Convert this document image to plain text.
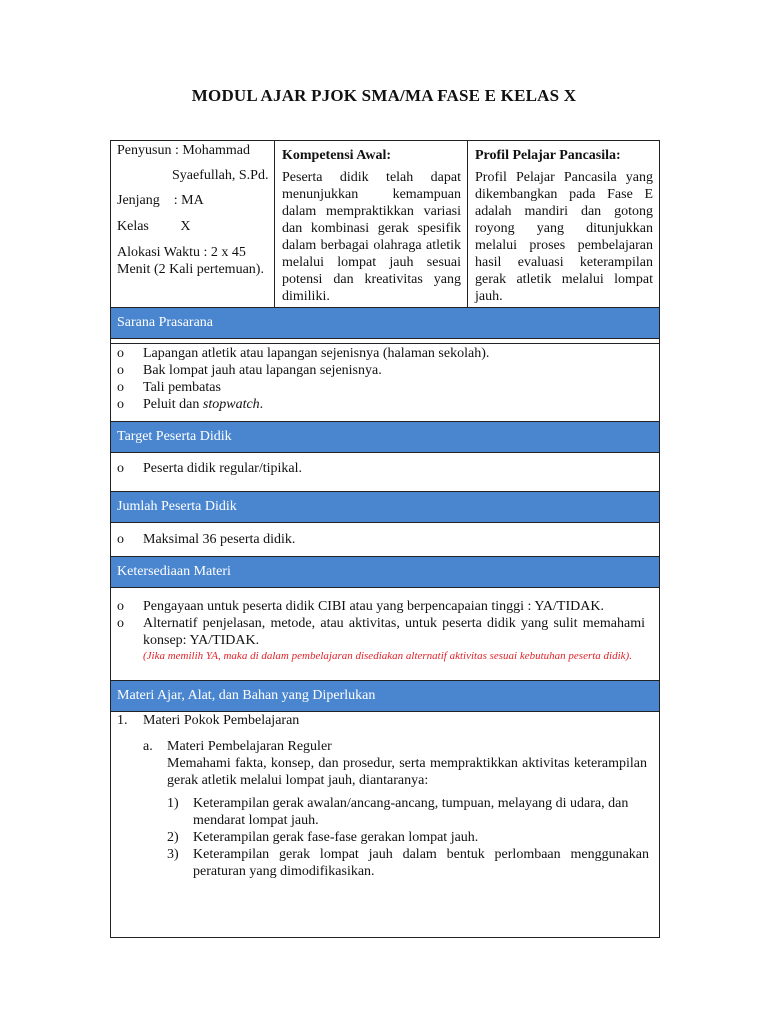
MODUL AJAR PJOK SMA/MA FASE E KELAS X
Penyusun : Mohammad
Syaefullah, S.Pd.
Jenjang    : MA
Kelas         X
Alokasi Waktu : 2 x 45 Menit (2 Kali pertemuan).
Kompetensi Awal:

Peserta didik telah dapat menunjukkan kemampuan dalam mempraktikkan variasi dan kombinasi gerak spesifik dalam berbagai olahraga atletik melalui lompat jauh sesuai potensi dan kreativitas yang dimiliki.

Profil Pelajar Pancasila:

Profil Pelajar Pancasila yang dikembangkan pada Fase E adalah mandiri dan gotong royong yang ditunjukkan melalui proses pembelajaran hasil evaluasi keterampilan gerak atletik melalui lompat jauh.

Sarana Prasarana
o Lapangan atletik atau lapangan sejenisnya (halaman sekolah).
o Bak lompat jauh atau lapangan sejenisnya.
o Tali pembatas
o Peluit dan stopwatch.
Target Peserta Didik
o Peserta didik regular/tipikal.
Jumlah Peserta Didik
o Maksimal 36 peserta didik.
Ketersediaan Materi
o Pengayaan untuk peserta didik CIBI atau yang berpencapaian tinggi : YA/TIDAK.
o Alternatif penjelasan, metode, atau aktivitas, untuk peserta didik yang sulit memahami konsep: YA/TIDAK.
(Jika memilih YA, maka di dalam pembelajaran disediakan alternatif aktivitas sesuai kebutuhan peserta didik).
Materi Ajar, Alat, dan Bahan yang Diperlukan
1. Materi Pokok Pembelajaran
a. Materi Pembelajaran Reguler
Memahami fakta, konsep, dan prosedur, serta mempraktikkan aktivitas keterampilan gerak atletik melalui lompat jauh, diantaranya:
1) Keterampilan gerak awalan/ancang-ancang, tumpuan, melayang di udara, dan mendarat lompat jauh.
2) Keterampilan gerak fase-fase gerakan lompat jauh.
3) Keterampilan gerak lompat jauh dalam bentuk perlombaan menggunakan peraturan yang dimodifikasikan.
